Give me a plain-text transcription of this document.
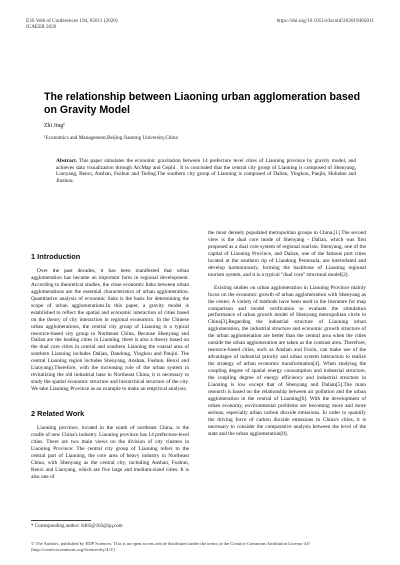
E3S Web of Conferences 194, 05011 (2020)
ICAEER 2020
https://doi.org/10.1051/e3sconf/202019405011
The relationship between Liaoning urban agglomeration based on Gravity Model
Zhi Jing¹
¹Economics and Management,Beijing Jiaotong University,China
Abstract. This paper simulates the economic gravitation between 14 prefecture level cities of Liaoning province by gravity model, and achieves data visualization through ArcMap and Gephi . It is concluded that the central city group of Liaoning is composed of Shenyang, Liaoyang, Benxi, Anshan, Fushun and Tieling.The southern city group of Liaoning is composed of Dalian, Yingkou, Panjin, Huludao and Jinzhou.
1 Introduction

Over the past decades, it has been manifested that urban agglomeration has became an important form in regional development. According to theoretical studies, the close economic links between urban agglomerations are the essential characteristics of urban agglomeration. Quantitative analysis of economic links is the basis for determining the scope of urban agglomerations.In this paper, a gravity model is established to reflect the spatial and economic interaction of cities based on the theory of city interaction in regional economics. In the Chinese urban agglomerations, the central city group of Liaoning is a typical resource-based city group in Northeast China, Because Shenyang and Dalian are the leading cities in Liaoning, there is also a theory based on the dual core cities in central and southern Liaoning the coastal area of southern Liaoning includes Dalian, Dandong, Yingkou and Panjin. The central Liaoning region includes Shenyang, Anshan, Fushun, Benxi and Liaoyang).Therefore, with the increasing role of the urban system in revitalizing the old industrial base in Northeast China, it is necessary to study the spatial economic structure and hierarchical structure of the city. We take Liaoning Province as an example to make an empirical analysis.

2 Related Work

Liaoning province, located in the south of northeast China, is the cradle of new China's industry. Liaoning province has 14 prefecture-level cities. There are two main views on the division of city clusters in Liaoning Province: The central city group of Liaoning refers to the central part of Liaoning, the core area of heavy industry in Northeast China, with Shenyang as the central city, including Anshan, Fushun, Benxi and Liaoyang, which are five large and medium-sized cities. It is also one of

the most densely populated metropolitan groups in China.[1] The second view is the dual core mode of Shenyang - Dalian, which was first proposed as a dual core system of regional tourism. Shenyang, one of the capital of Liaoning Province, and Dalian, one of the famous port cities located at the southern tip of Liaodong Peninsula, are interrelated and develop harmoniously, forming the backbone of Liaoning regional tourism system, and it is a typical "dual core" structural model[2].

Existing studies on urban agglomeration in Liaoning Province mainly focus on the economic growth of urban agglomeration with Shenyang as the center. A variety of methods have been used in the literature for map comparison and model verification to evaluate the simulation performance of urban growth model of Shenyang metropolitan circle in China[3].Regarding the industrial structure of Liaoning urban agglomeration, the industrial structure and economic growth structure of the urban agglomeration are better than the central area when the cities outside the urban agglomeration are taken as the contrast area. Therefore, resource-based cities, such as Anshan and Fuxin, can make use of the advantages of industrial priority and urban system interaction to realize the strategy of urban economic transformation[4]. When studying the coupling degree of spatial energy consumption and industrial structure, the coupling degree of energy efficiency and industrial structure in Liaoning is low except that of Shenyang and Dalian[5].The main research is based on the relationship between air pollution and the urban agglomeration in the central of Liaoning[6]. With the development of urban economy, environmental problems are becoming more and more serious, especially urban carbon dioxide emissions. In order to quantify the driving force of carbon dioxide emissions in China's cities, it is necessary to consider the comparative analysis between the level of the state and the urban agglomeration[8].

* Corresponding author: 8402@163@qq.com
© The Authors, published by EDP Sciences. This is an open access article distributed under the terms of the Creative Commons Attribution License 4.0 (http://creativecommons.org/licenses/by/4.0/).
